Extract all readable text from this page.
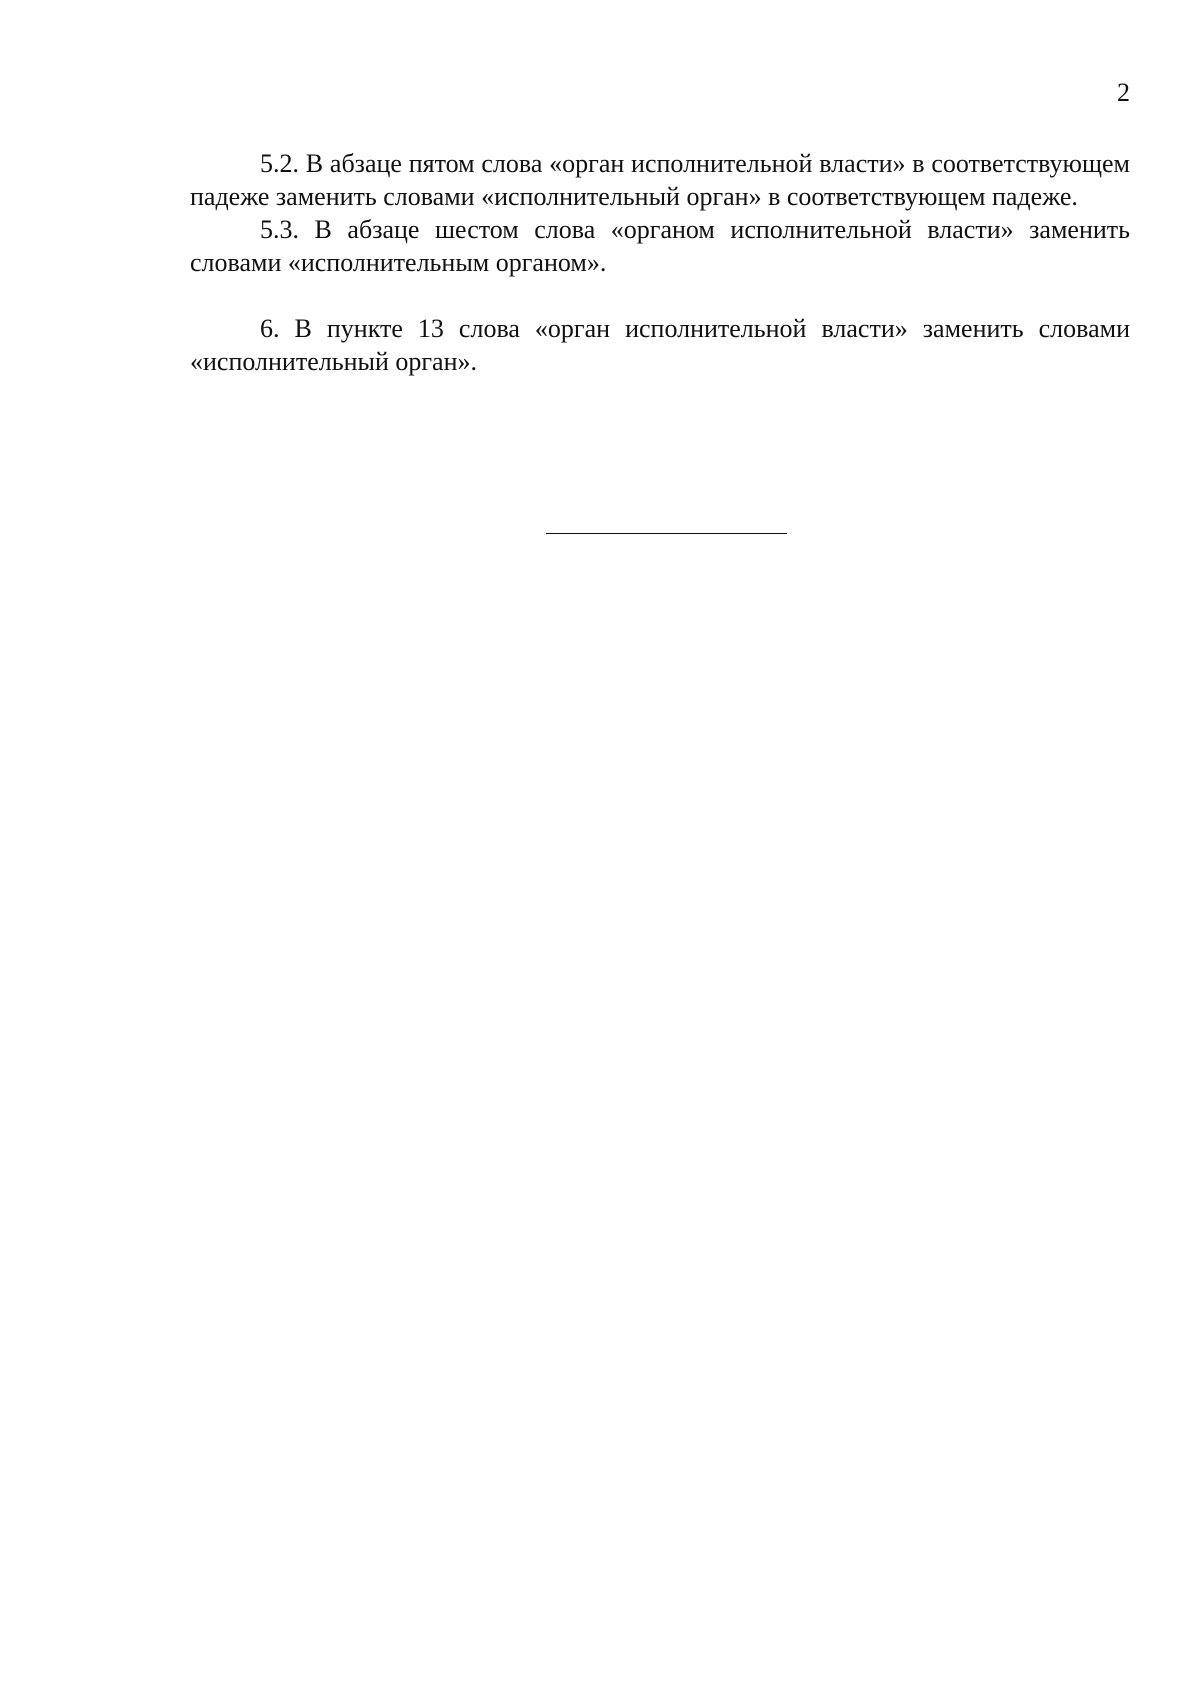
2

5.2. В абзаце пятом слова «орган исполнительной власти» в соответствующем падеже заменить словами «исполнительный орган» в соответствующем падеже.

5.3. В абзаце шестом слова «органом исполнительной власти» заменить словами «исполнительным органом».

6. В пункте 13 слова «орган исполнительной власти» заменить словами «исполнительный орган».
